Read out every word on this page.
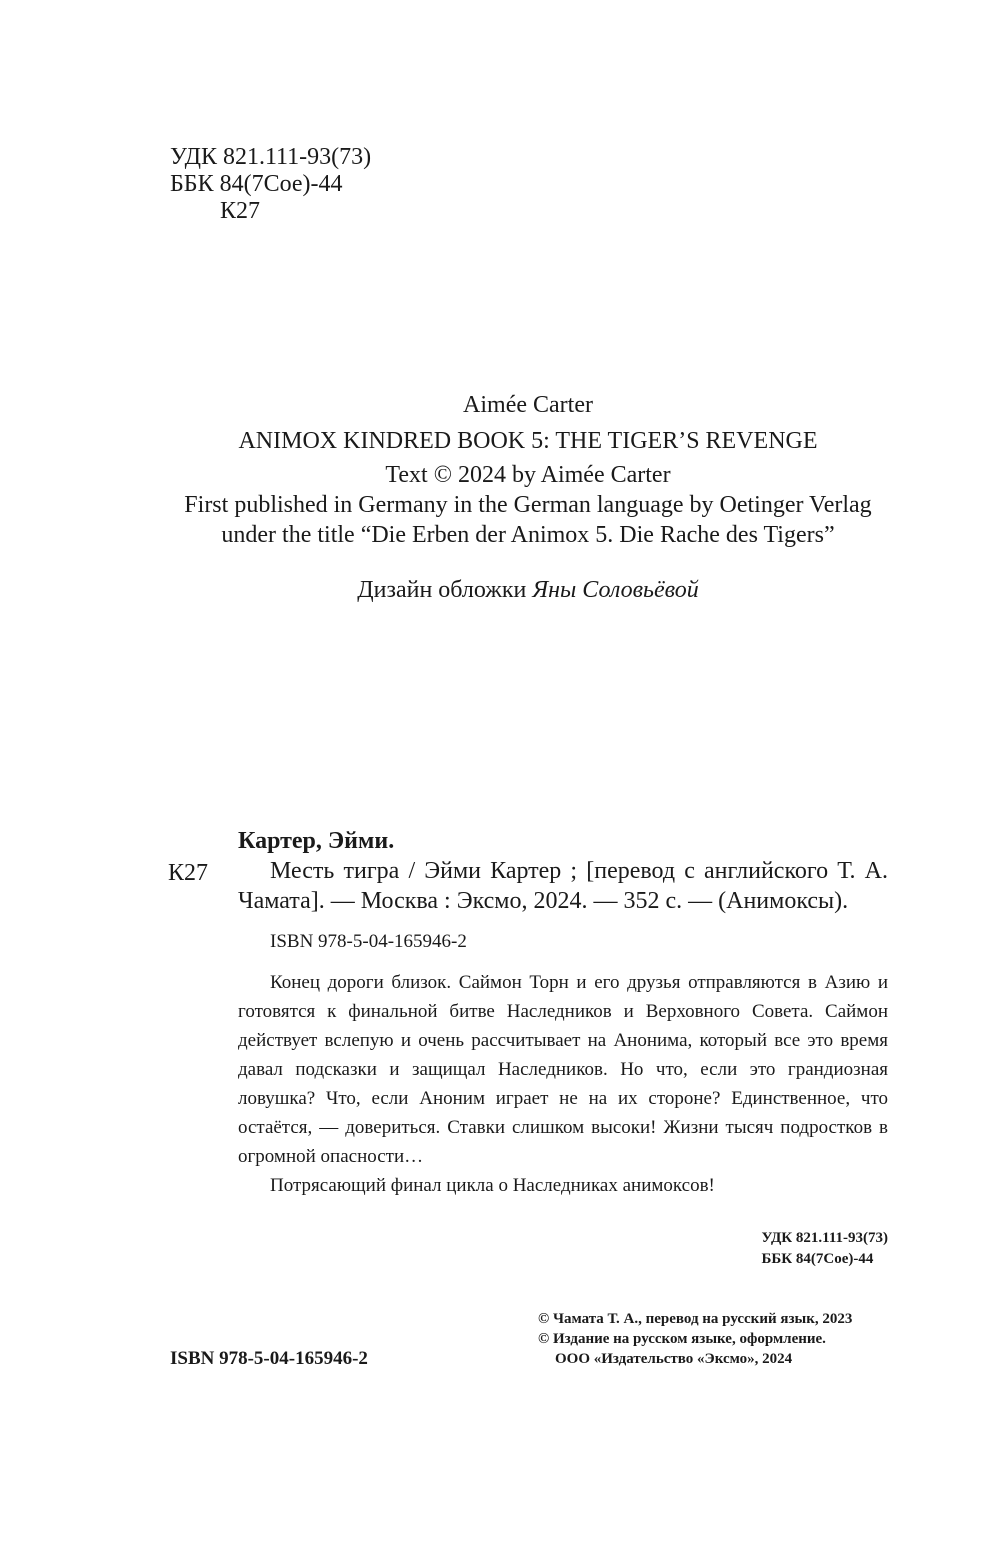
УДК 821.111-93(73)
ББК 84(7Сое)-44
К27
Aimée Carter
ANIMOX KINDRED BOOK 5: THE TIGER’S REVENGE
Text © 2024 by Aimée Carter
First published in Germany in the German language by Oetinger Verlag
under the title “Die Erben der Animox 5. Die Rache des Tigers”
Дизайн обложки Яны Соловьёвой
К27
Картер, Эйми.

Месть тигра / Эйми Картер ; [перевод с английского Т. А. Чамата]. — Москва : Эксмо, 2024. — 352 с. — (Анимоксы).

ISBN 978-5-04-165946-2

Конец дороги близок. Саймон Торн и его друзья отправляются в Азию и готовятся к финальной битве Наследников и Верховного Совета. Саймон действует вслепую и очень рассчитывает на Анонима, который все это время давал подсказки и защищал Наследников. Но что, если это грандиозная ловушка? Что, если Аноним играет не на их стороне? Единственное, что остаётся, — довериться. Ставки слишком высоки! Жизни тысяч подростков в огромной опасности…

Потрясающий финал цикла о Наследниках анимоксов!

УДК 821.111-93(73)
ББК 84(7Сое)-44
© Чамата Т. А., перевод на русский язык, 2023
© Издание на русском языке, оформление.
ООО «Издательство «Эксмо», 2024
ISBN 978-5-04-165946-2
